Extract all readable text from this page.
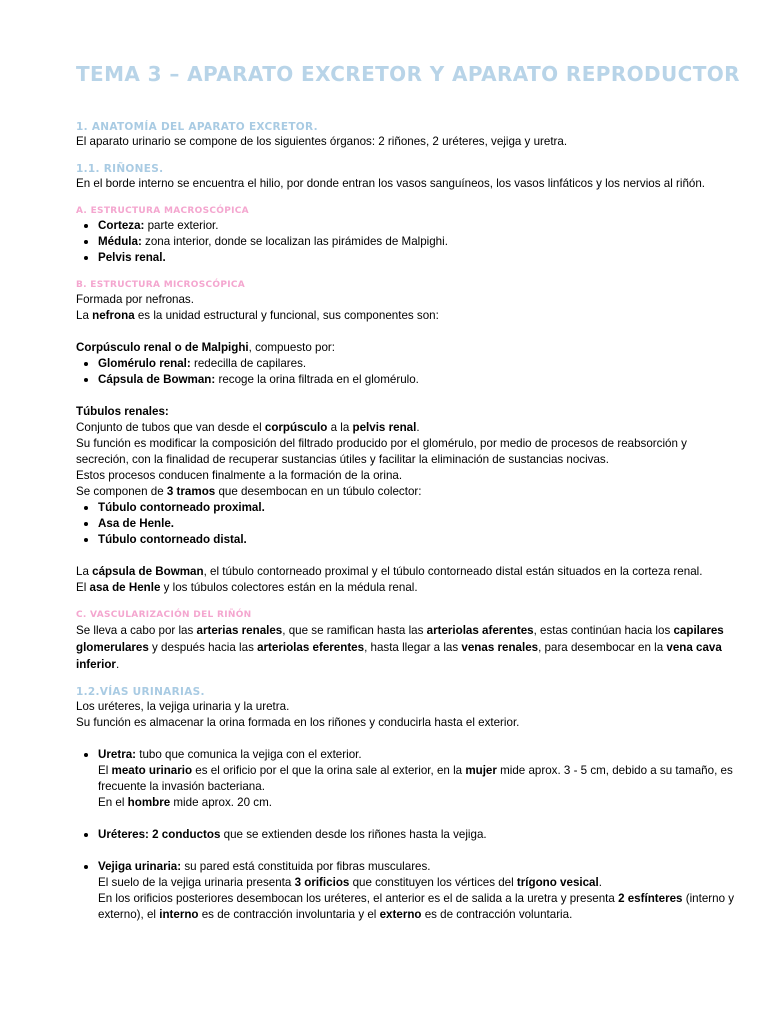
TEMA 3 – APARATO EXCRETOR Y APARATO REPRODUCTOR
1. ANATOMÍA DEL APARATO EXCRETOR.

El aparato urinario se compone de los siguientes órganos: 2 riñones, 2 uréteres, vejiga y uretra.

1.1. RIÑONES.

En el borde interno se encuentra el hilio, por donde entran los vasos sanguíneos, los vasos linfáticos y los nervios al riñón.

A. ESTRUCTURA MACROSCÓPICA
Corteza: parte exterior.
Médula: zona interior, donde se localizan las pirámides de Malpighi.
Pelvis renal.
B. ESTRUCTURA MICROSCÓPICA

Formada por nefronas.

La nefrona es la unidad estructural y funcional, sus componentes son:

Corpúsculo renal o de Malpighi, compuesto por:

Glomérulo renal: redecilla de capilares.
Cápsula de Bowman: recoge la orina filtrada en el glomérulo.

Túbulos renales:

Conjunto de tubos que van desde el corpúsculo a la pelvis renal.

Su función es modificar la composición del filtrado producido por el glomérulo, por medio de procesos de reabsorción y secreción, con la finalidad de recuperar sustancias útiles y facilitar la eliminación de sustancias nocivas.

Estos procesos conducen finalmente a la formación de la orina.

Se componen de 3 tramos que desembocan en un túbulo colector:

Túbulo contorneado proximal.
Asa de Henle.
Túbulo contorneado distal.

La cápsula de Bowman, el túbulo contorneado proximal y el túbulo contorneado distal están situados en la corteza renal.

El asa de Henle y los túbulos colectores están en la médula renal.

C. VASCULARIZACIÓN DEL RIÑÓN

Se lleva a cabo por las arterias renales, que se ramifican hasta las arteriolas aferentes, estas continúan hacia los capilares glomerulares y después hacia las arteriolas eferentes, hasta llegar a las venas renales, para desembocar en la vena cava inferior.

1.2.VÍAS URINARIAS.

Los uréteres, la vejiga urinaria y la uretra.

Su función es almacenar la orina formada en los riñones y conducirla hasta el exterior.

Uretra: tubo que comunica la vejiga con el exterior.
El meato urinario es el orificio por el que la orina sale al exterior, en la mujer mide aprox. 3 - 5 cm, debido a su tamaño, es frecuente la invasión bacteriana.
En el hombre mide aprox. 20 cm.
Uréteres: 2 conductos que se extienden desde los riñones hasta la vejiga.
Vejiga urinaria: su pared está constituida por fibras musculares.
El suelo de la vejiga urinaria presenta 3 orificios que constituyen los vértices del trígono vesical.
En los orificios posteriores desembocan los uréteres, el anterior es el de salida a la uretra y presenta 2 esfínteres (interno y externo), el interno es de contracción involuntaria y el externo es de contracción voluntaria.
